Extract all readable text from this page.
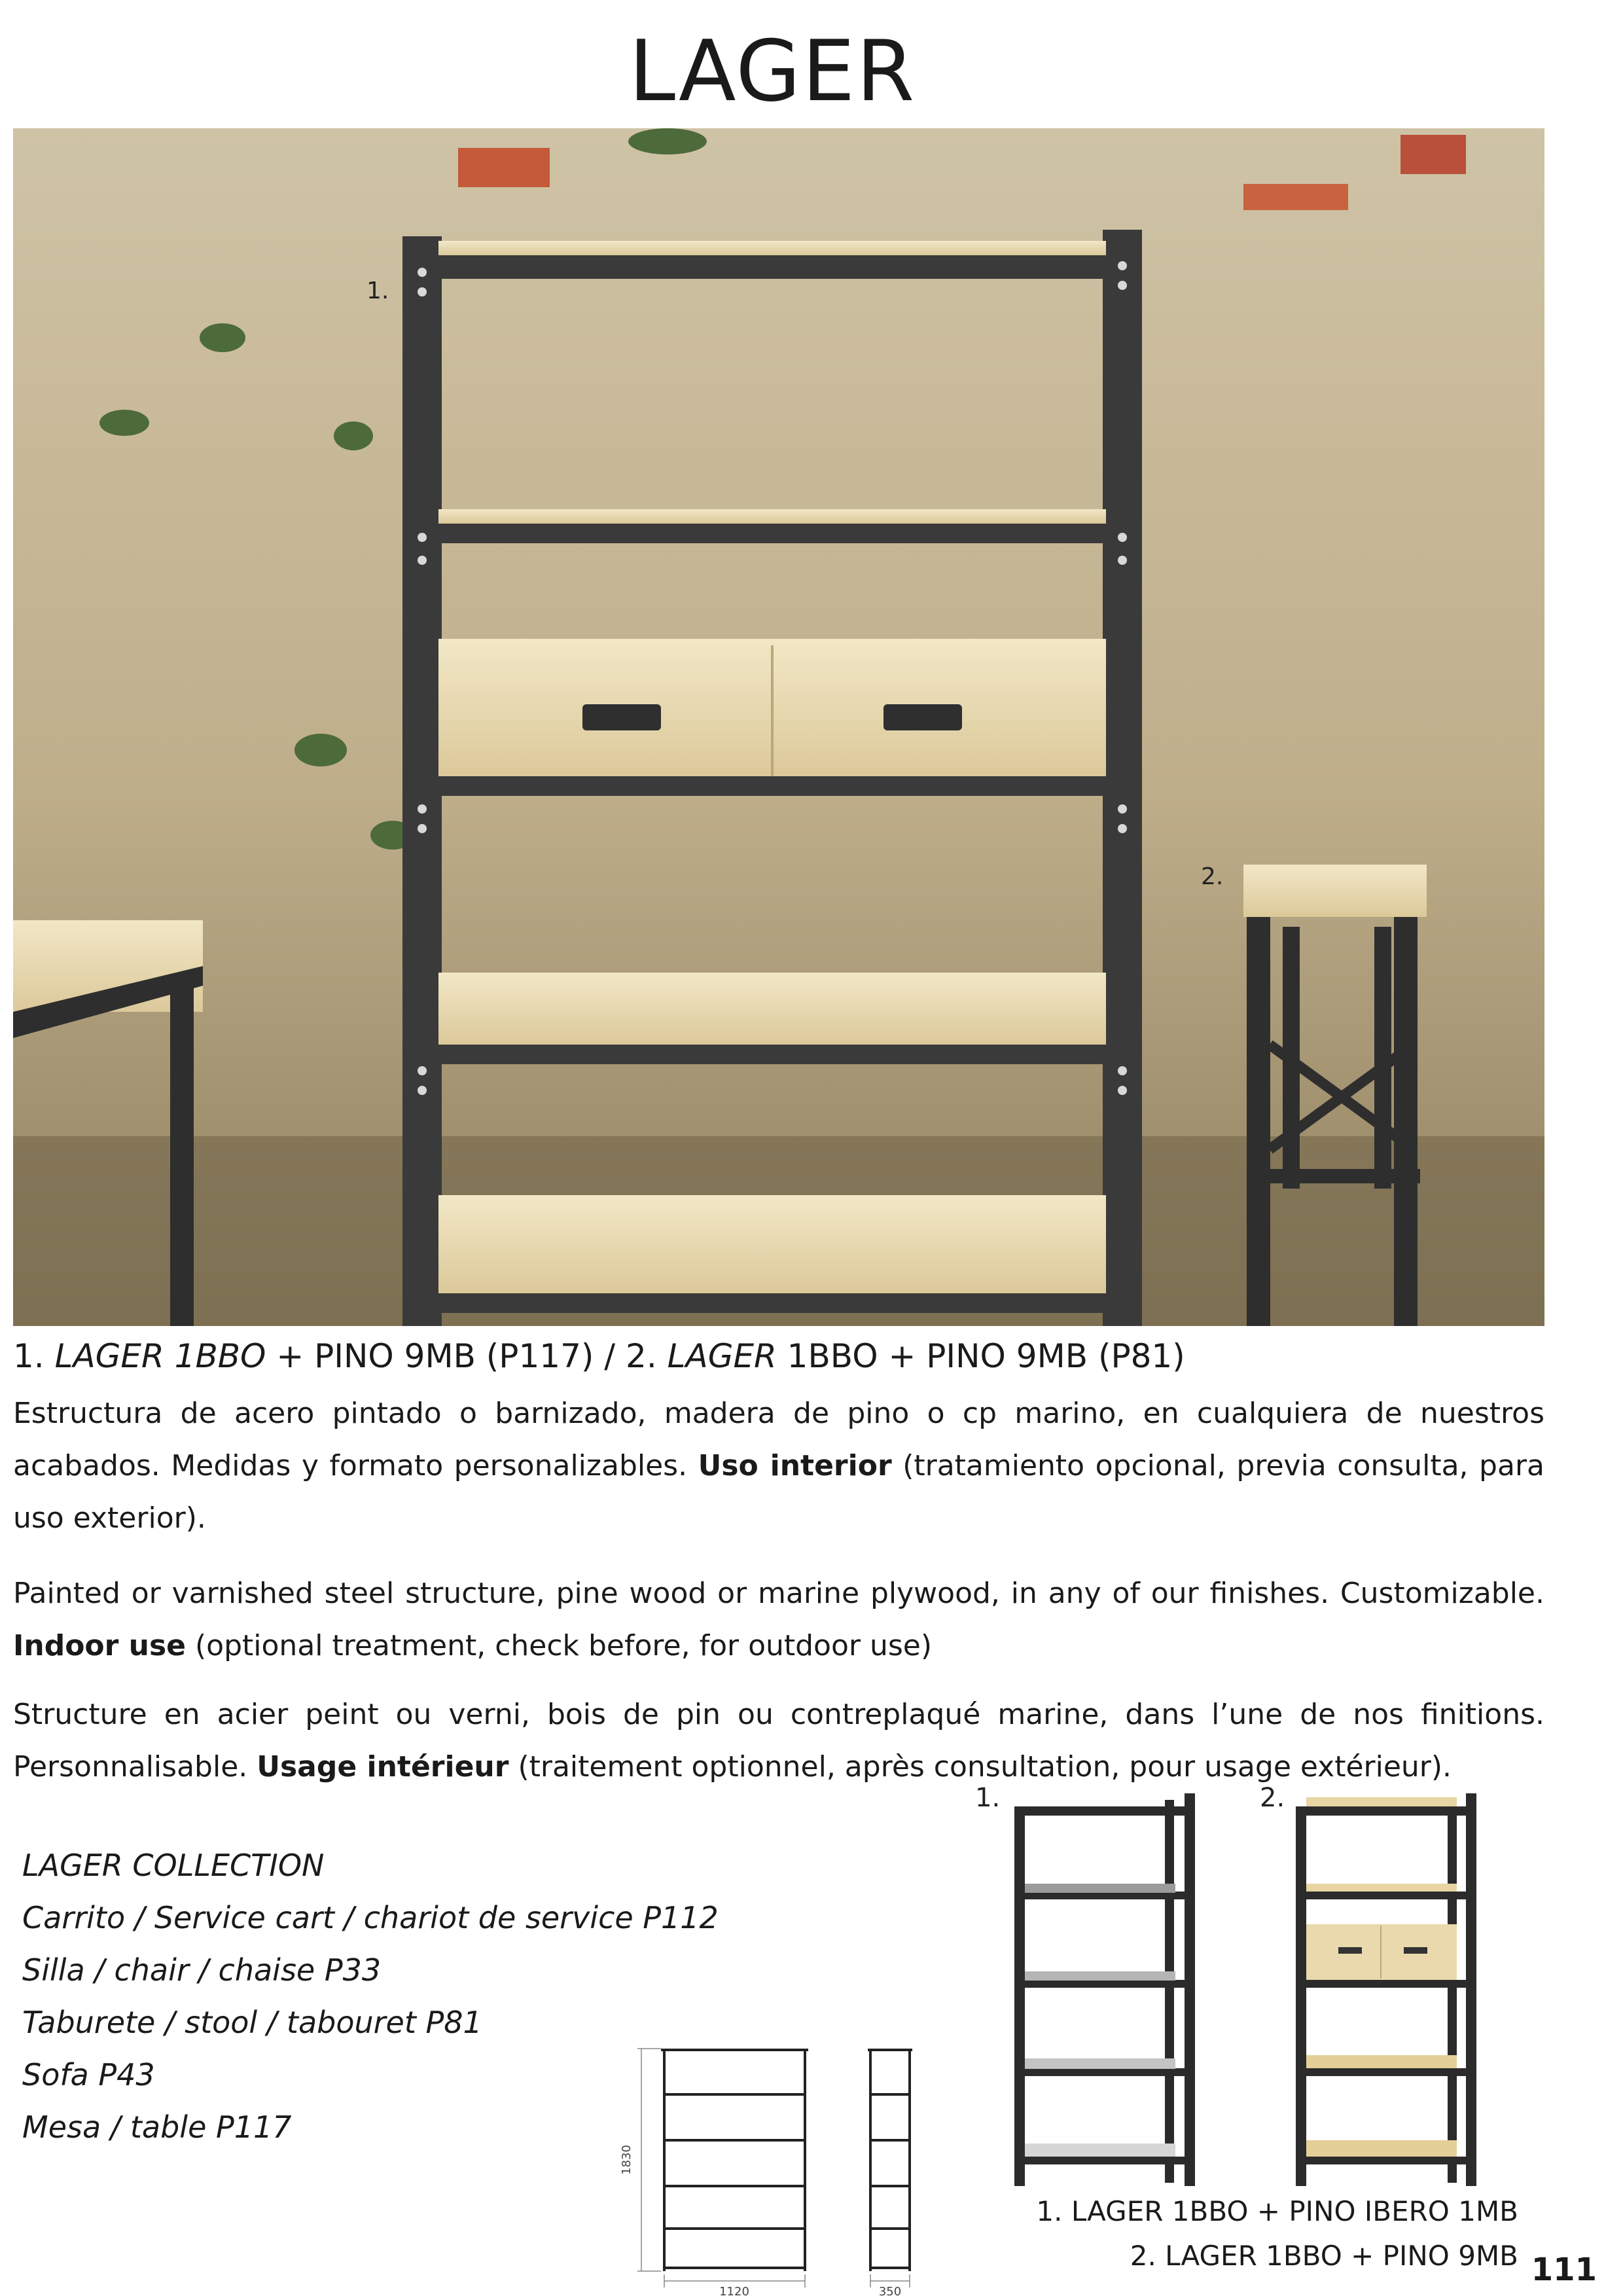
LAGER
1.
2.
1. LAGER 1BBO + PINO 9MB (P117) / 2. LAGER 1BBO + PINO 9MB (P81)
Estructura de acero pintado o barnizado, madera de pino o cp marino, en cualquiera de nuestros acabados. Medidas y formato personalizables. Uso interior (tratamiento opcional, previa consulta, para uso exterior).
Painted or varnished steel structure, pine wood or marine plywood, in any of our finishes. Customizable. Indoor use (optional treatment, check before, for outdoor use)
Structure en acier peint ou verni, bois de pin ou contreplaqué marine, dans l’une de nos finitions. Personnalisable. Usage intérieur (traitement optionnel, après consultation, pour usage extérieur).
LAGER COLLECTION
Carrito / Service cart / chariot de service P112
Silla / chair / chaise P33
Taburete / stool / tabouret P81
Sofa P43
Mesa / table P117
1830
1120	350
1.	2.
1. LAGER 1BBO + PINO IBERO 1MB
2. LAGER 1BBO + PINO 9MB 111
